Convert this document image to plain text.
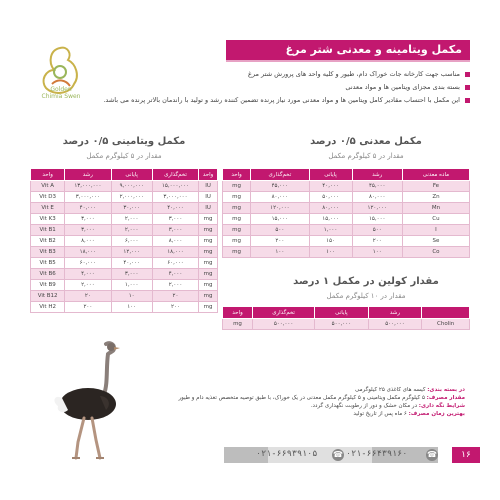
Golden
Chimia Swen
مکمل ویتامینه و معدنی شتر مرغ
مناسب جهت کارخانه جات خوراک دام، طیور و کلیه واحد های پرورش شتر مرغ
بسته بندی مجزای ویتامین ها و مواد معدنی
این مکمل با احتساب مقادیر کامل ویتامین ها و مواد معدنی مورد نیاز پرنده تضمین کننده رشد و تولید با راندمان بالاتر پرنده می باشد.
مکمل معدنی ۰/۵ درصد
مقدار در ۵ کیلوگرم مکمل
واحد	تخم‌گذاری	پایانی	رشد	ماده معدنی
mg	۴۵,۰۰۰	۴۰,۰۰۰	۴۵,۰۰۰	Fe
mg	۸۰,۰۰۰	۵۰,۰۰۰	۸۰,۰۰۰	Zn
mg	۱۲۰,۰۰۰	۸۰,۰۰۰	۱۲۰,۰۰۰	Mn
mg	۱۵,۰۰۰	۱۵,۰۰۰	۱۵,۰۰۰	Cu
mg	۵۰۰	۱,۰۰۰	۵۰۰	I
mg	۲۰۰	۱۵۰	۲۰۰	Se
mg	۱۰۰	۱۰۰	۱۰۰	Co
مقدار کولین در مکمل ۱ درصد
مقدار در ۱۰ کیلوگرم مکمل
واحد	تخم‌گذاری	پایانی	رشد	
mg	۵۰۰,۰۰۰	۵۰۰,۰۰۰	۵۰۰,۰۰۰	Cholin
مکمل ویتامینی ۰/۵ درصد
مقدار در ۵ کیلوگرم مکمل
واحد	رشد	پایانی	تخم‌گذاری	واحد
Vit A	۱۳,۰۰۰,۰۰۰	۹,۰۰۰,۰۰۰	۱۵,۰۰۰,۰۰۰	IU
Vit D3	۳,۰۰۰,۰۰۰	۲,۰۰۰,۰۰۰	۳,۰۰۰,۰۰۰	IU
Vit E	۴۰,۰۰۰	۳۰,۰۰۰	۴۰,۰۰۰	IU
Vit K3	۳,۰۰۰	۲,۰۰۰	۳,۰۰۰	mg
Vit B1	۳,۰۰۰	۲,۰۰۰	۳,۰۰۰	mg
Vit B2	۸,۰۰۰	۶,۰۰۰	۸,۰۰۰	mg
Vit B3	۱۸,۰۰۰	۱۲,۰۰۰	۱۸,۰۰۰	mg
Vit B5	۶۰,۰۰۰	۴۰,۰۰۰	۶۰,۰۰۰	mg
Vit B6	۴,۰۰۰	۳,۰۰۰	۴,۰۰۰	mg
Vit B9	۲,۰۰۰	۱,۰۰۰	۲,۰۰۰	mg
Vit B12	۲۰	۱۰	۲۰	mg
Vit H2	۲۰۰	۱۰۰	۲۰۰	mg
در بسته بندی: کیسه های کاغذی ۲۵ کیلوگرمی
مقدار مصرف: ۵ کیلوگرم مکمل ویتامینی و ۵ کیلوگرم مکمل معدنی در یک خوراک، با طبق توصیه متخصص تغذیه دام و طیور
شرایط نگه داری: در مکان خشک و دور از رطوبت نگهداری گردد.
بهترین زمان مصرف: ۶ ماه پس از تاریخ تولید
۱۶
☎
۰۲۱-۶۶۴۳۹۱۶۰
☎
۰۲۱-۶۶۹۳۹۱۰۵
